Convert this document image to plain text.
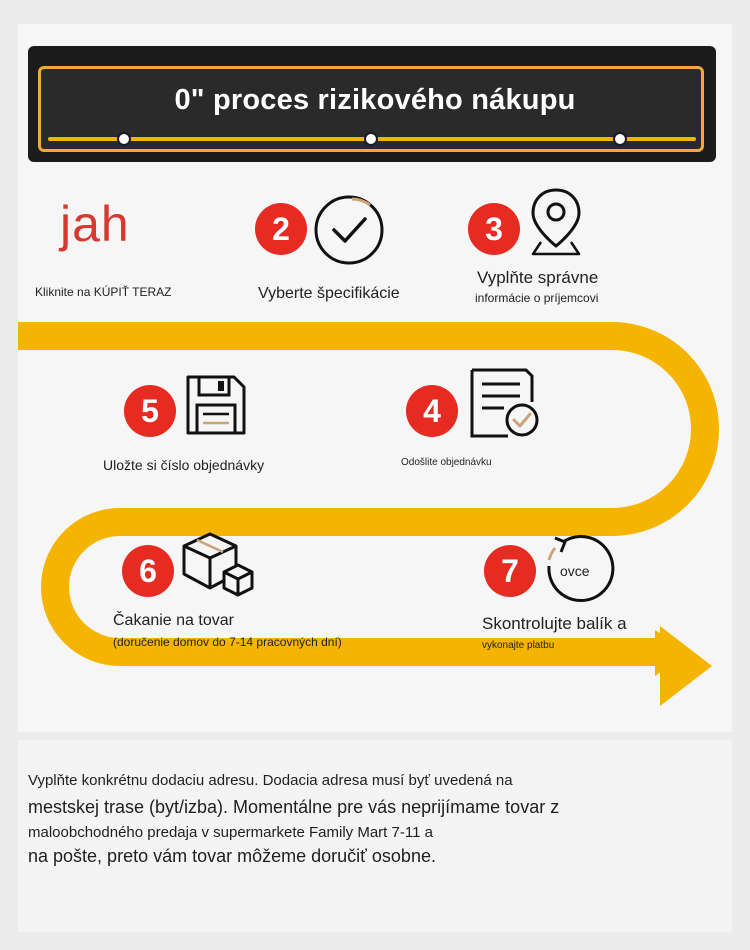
0" proces rizikového nákupu
jah
Kliknite na KÚPIŤ TERAZ
2
Vyberte špecifikácie
3
Vyplňte správne
informácie o príjemcovi
5
Uložte si číslo objednávky
4
Odošlite objednávku
6
Čakanie na tovar
(doručenie domov do 7-14 pracovných dní)
7	ovce
Skontrolujte balík a
vykonajte platbu
Vyplňte konkrétnu dodaciu adresu. Dodacia adresa musí byť uvedená na
mestskej trase (byt/izba). Momentálne pre vás neprijímame tovar z
maloobchodného predaja v supermarkete Family Mart 7-11 a
na pošte, preto vám tovar môžeme doručiť osobne.
